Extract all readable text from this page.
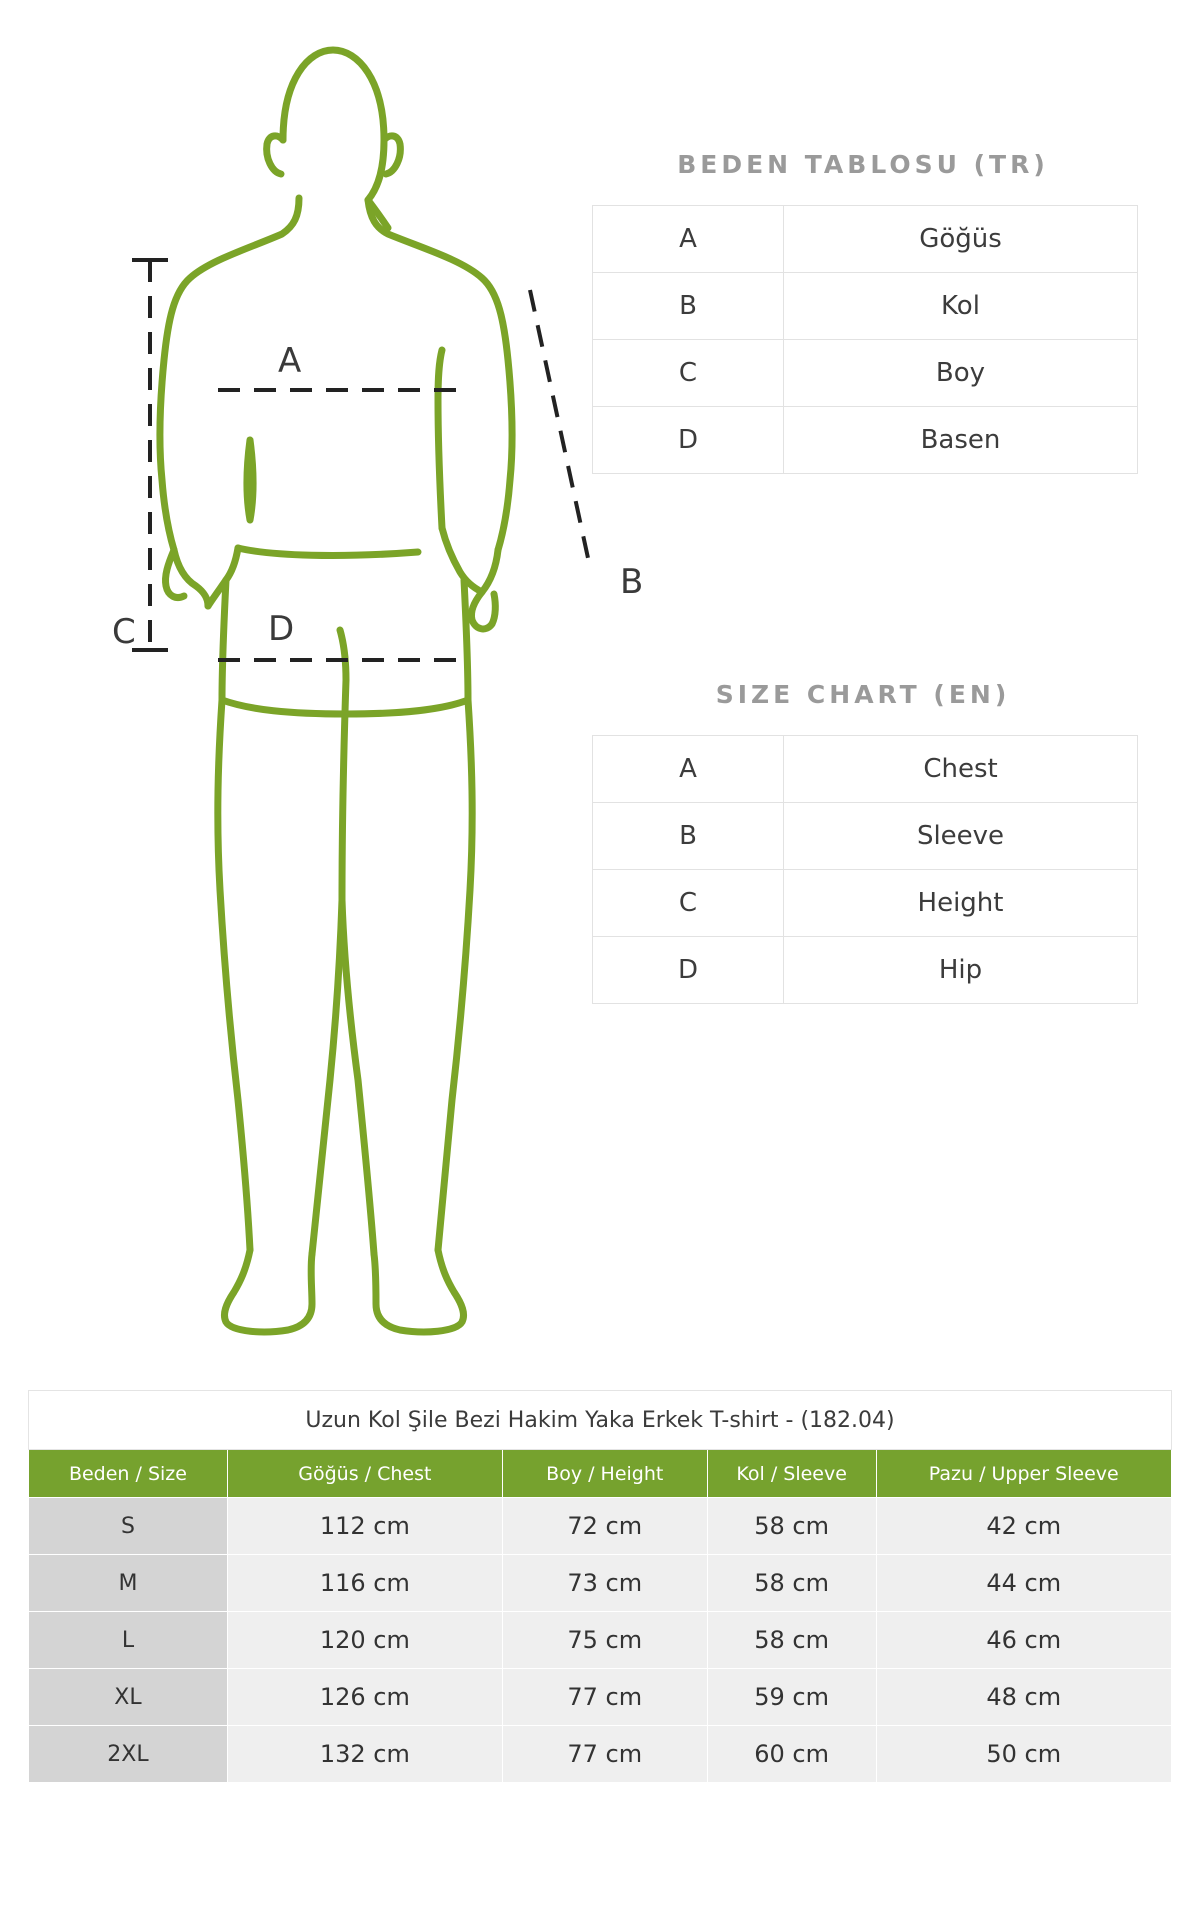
A
B
C	D
BEDEN TABLOSU (TR)
A	Göğüs
B	Kol
C	Boy
D	Basen
SIZE CHART (EN)
A	Chest
B	Sleeve
C	Height
D	Hip
Uzun Kol Şile Bezi Hakim Yaka Erkek T-shirt - (182.04)				
Beden / Size	Göğüs / Chest	Boy / Height	Kol / Sleeve	Pazu / Upper Sleeve
S	112 cm	72 cm	58 cm	42 cm
M	116 cm	73 cm	58 cm	44 cm
L	120 cm	75 cm	58 cm	46 cm
XL	126 cm	77 cm	59 cm	48 cm
2XL	132 cm	77 cm	60 cm	50 cm
